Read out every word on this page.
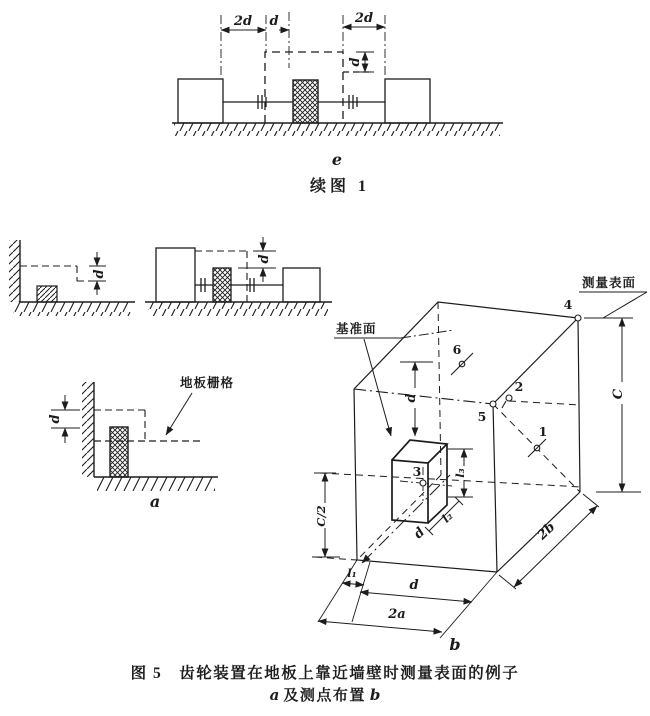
2d d	2d
d
e
续图 1
d
d
d
地板栅格
a
基准面
测量表面
6
2
5
4
1
3
d
l₃
l₂
d
C
C/2
2b
l₁
d
2a
b
图 5　齿轮装置在地板上靠近墙壁时测量表面的例子
a 及测点布置 b
